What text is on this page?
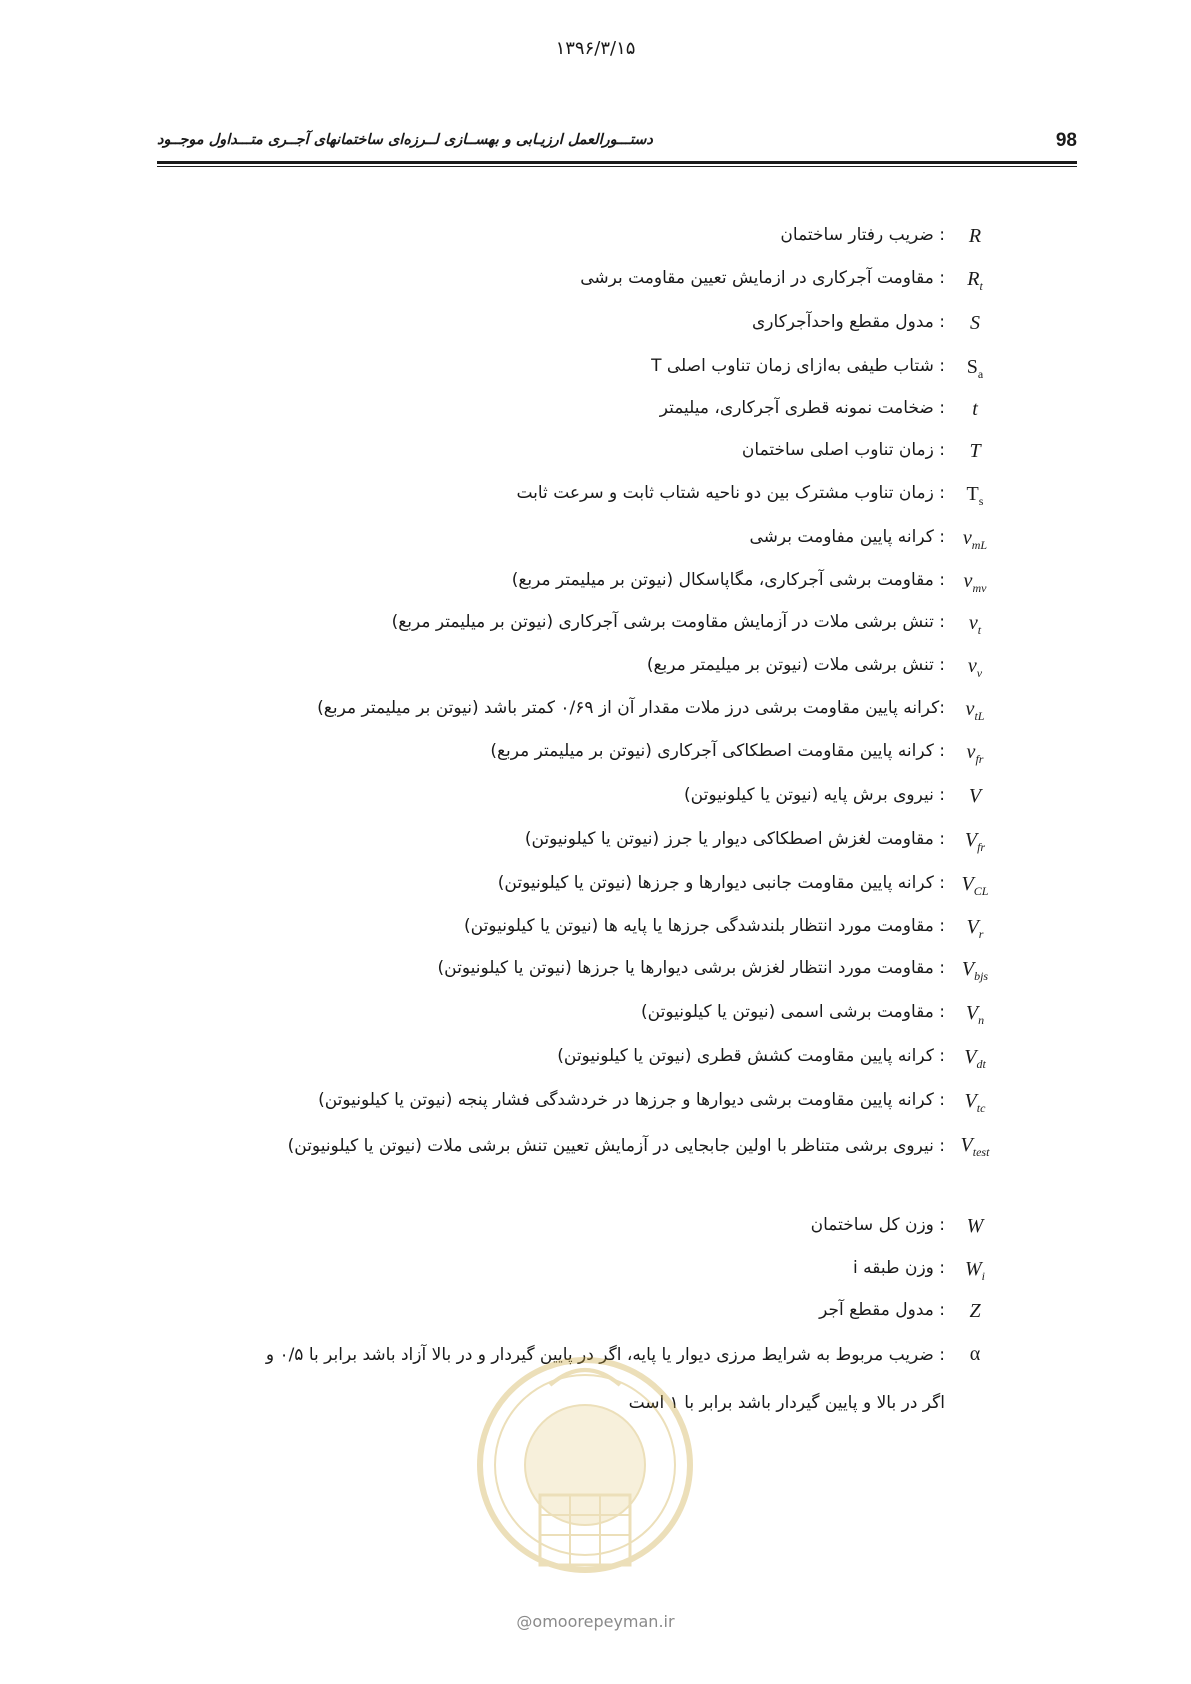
۱۳۹۶/۳/۱۵
دستـــورالعمل ارزیـابی و بهســازی لــرزه‌ای ساختمانهای آجــری متـــداول موجــود	98
R
: ضریب رفتار ساختمان
$R_t$
: مقاومت آجرکاری در ازمایش تعیین مقاومت برشی
S
: مدول مقطع واحدآجرکاری
$S_a$
: شتاب طیفی به‌ازای زمان تناوب اصلی T
t
: ضخامت نمونه قطری آجرکاری، میلیمتر
T
: زمان تناوب اصلی ساختمان
$T_s$
: زمان تناوب مشترک بین دو ناحیه شتاب ثابت و سرعت ثابت
$v_{mL}$
: کرانه پایین مفاومت برشی
$v_{mv}$
: مقاومت برشی آجرکاری، مگاپاسکال (نیوتن بر میلیمتر مربع)
$v_t$
: تنش برشی ملات در آزمایش مقاومت برشی آجرکاری (نیوتن بر میلیمتر مربع)
$v_v$
: تنش برشی ملات (نیوتن بر میلیمتر مربع)
$v_{tL}$
:کرانه پایین مقاومت برشی درز ملات مقدار آن از ۰/۶۹ کمتر باشد (نیوتن بر میلیمتر مربع)
$v_{fr}$
: کرانه پایین مقاومت اصطکاکی آجرکاری (نیوتن بر میلیمتر مربع)
V
: نیروی برش پایه (نیوتن یا کیلونیوتن)
$V_{fr}$
: مقاومت لغزش اصطکاکی دیوار یا جرز (نیوتن یا کیلونیوتن)
$V_{CL}$
: کرانه پایین مقاومت جانبی دیوارها و جرزها (نیوتن یا کیلونیوتن)
$V_r$
: مقاومت مورد انتظار بلندشدگی جرزها یا پایه ها (نیوتن یا کیلونیوتن)
$V_{bjs}$
: مقاومت مورد انتظار لغزش برشی دیوارها یا جرزها (نیوتن یا کیلونیوتن)
$V_n$
: مقاومت برشی اسمی (نیوتن یا کیلونیوتن)
$V_{dt}$
: کرانه پایین مقاومت کشش قطری (نیوتن یا کیلونیوتن)
$V_{tc}$
: کرانه پایین مقاومت برشی دیوارها و جرزها در خردشدگی فشار پنجه (نیوتن یا کیلونیوتن)
$V_{test}$
: نیروی برشی متناظر با اولین جابجایی در آزمایش تعیین تنش برشی ملات (نیوتن یا کیلونیوتن)
W
: وزن کل ساختمان
$W_i$
: وزن طبقه i
Z
: مدول مقطع آجر
α
: ضریب مربوط به شرایط مرزی دیوار یا پایه، اگر در پایین گیردار و در بالا آزاد باشد برابر با ۰/۵ و اگر در بالا و پایین گیردار باشد برابر با ۱ است
@omoorepeyman.ir
